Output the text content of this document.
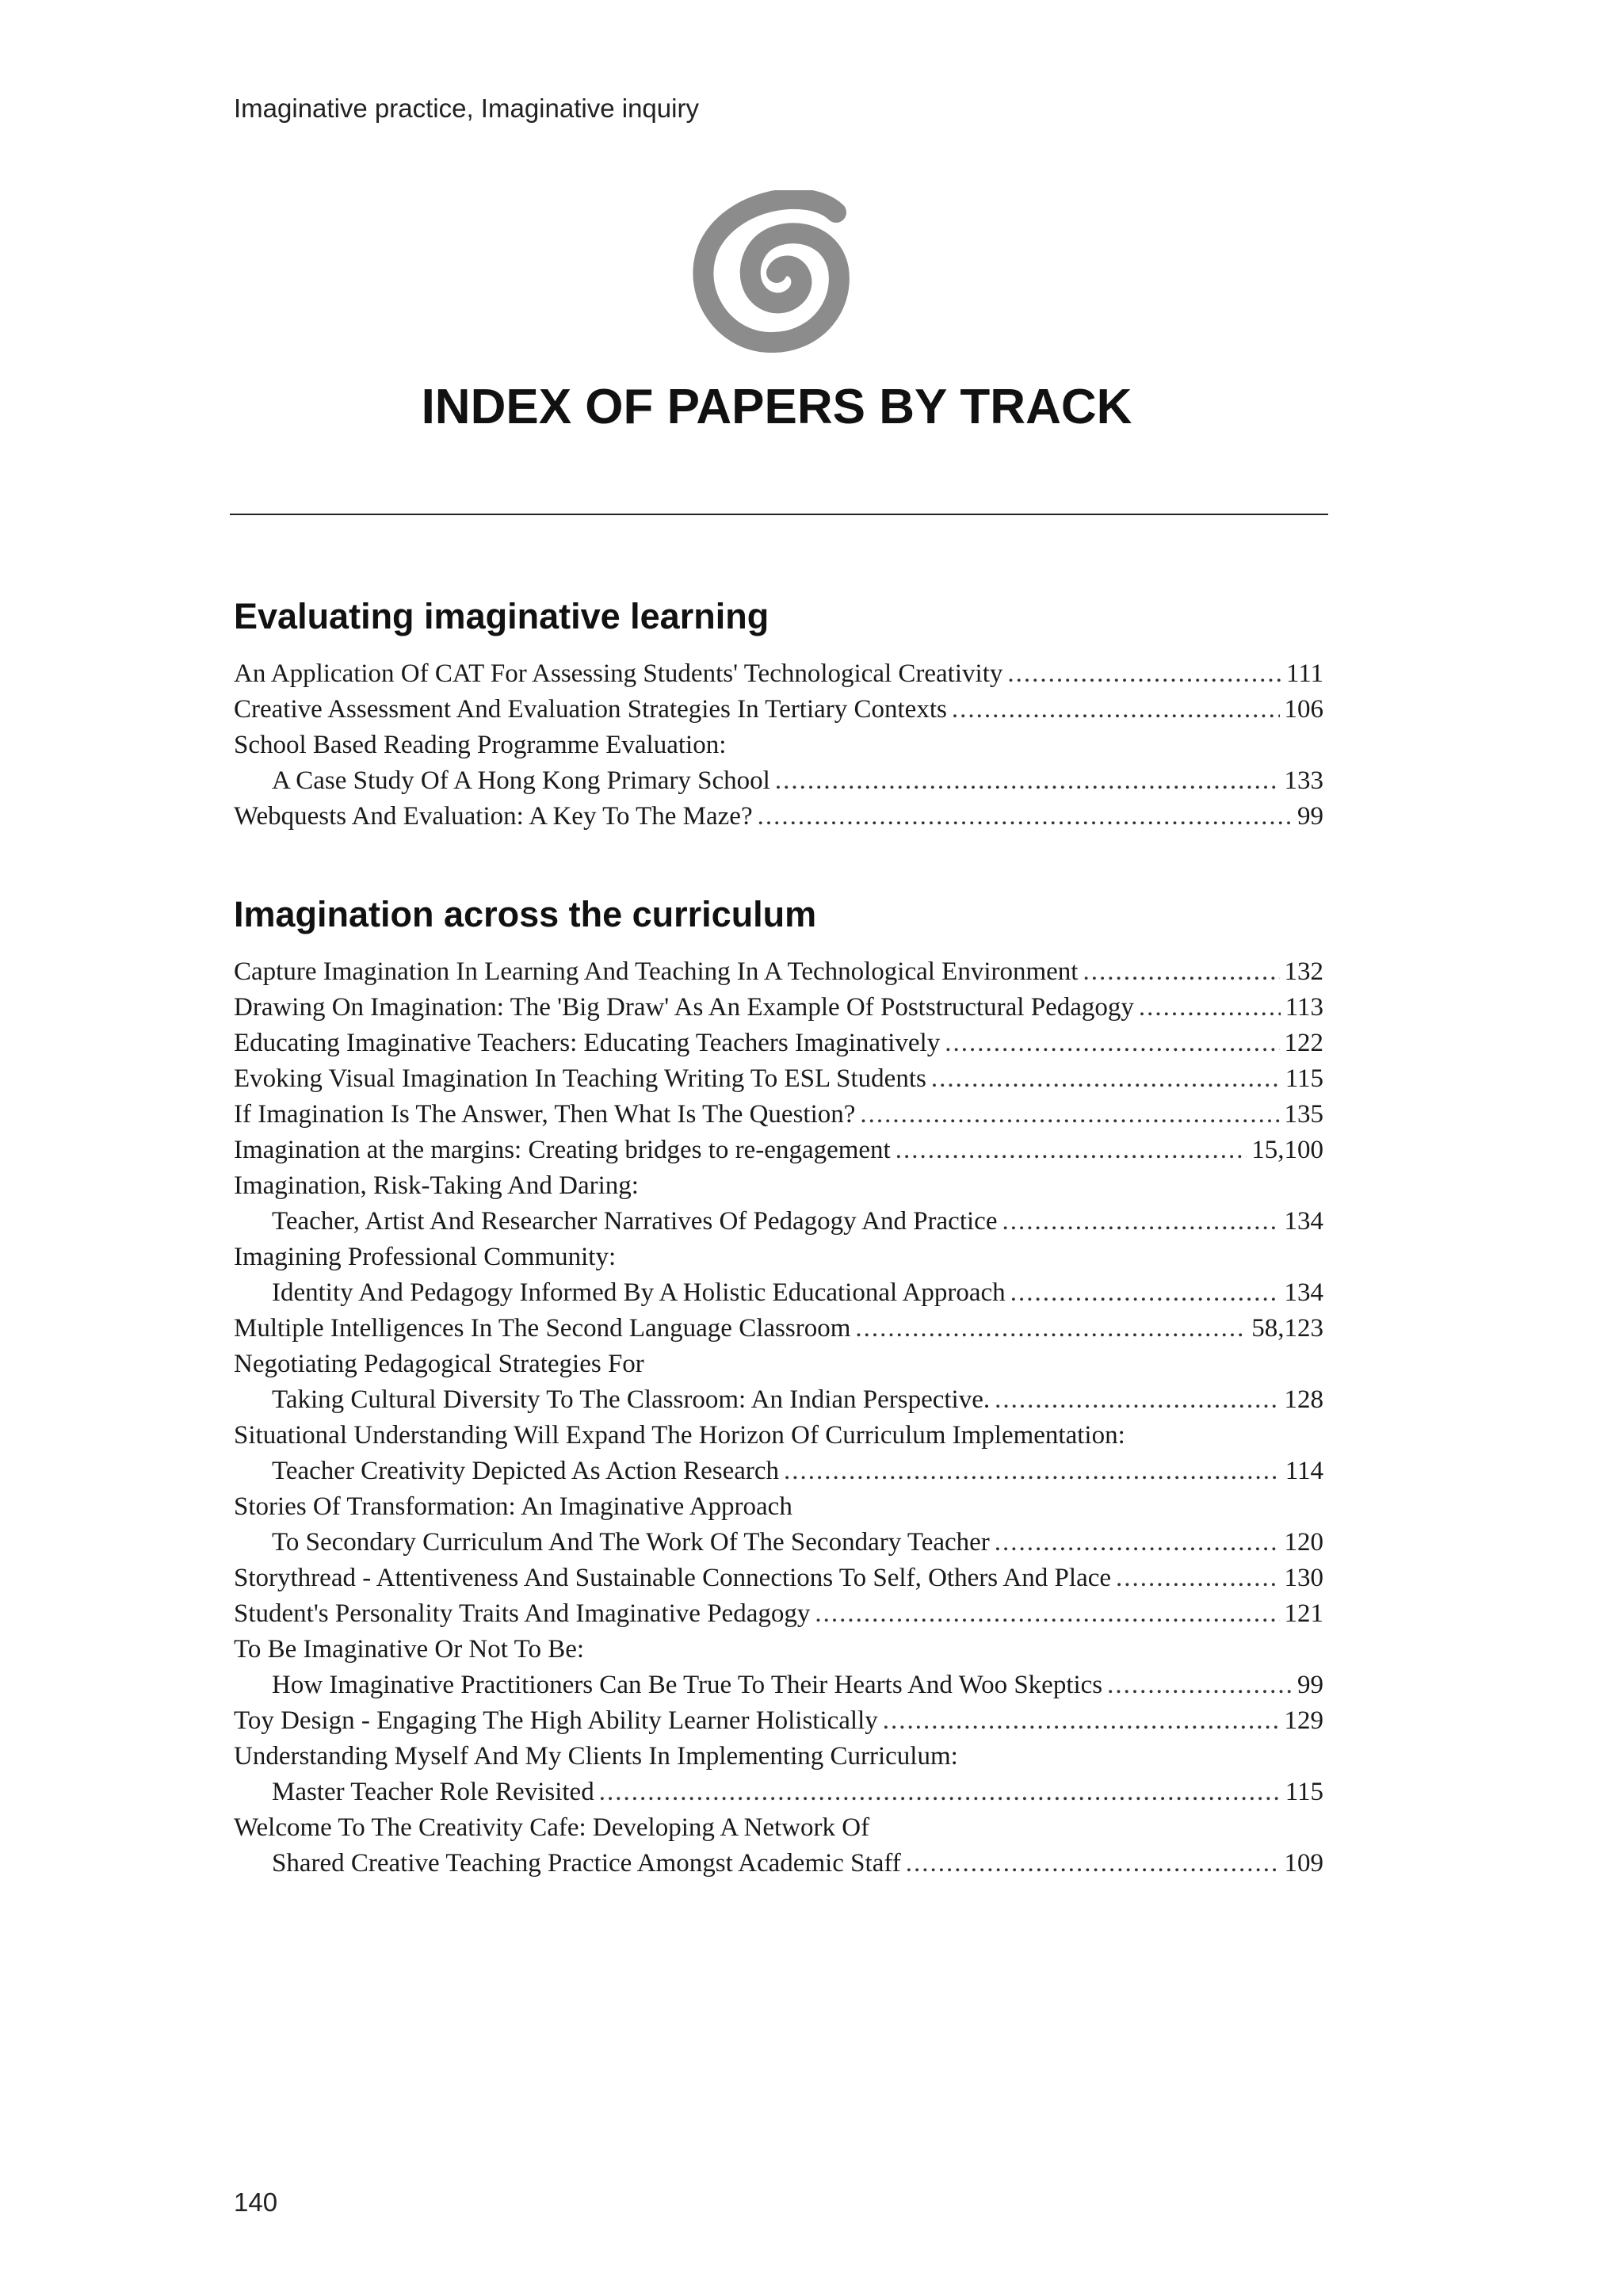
Imaginative practice, Imaginative inquiry
INDEX OF PAPERS BY TRACK
Evaluating imaginative learning
An Application Of CAT For Assessing Students' Technological Creativity .....	111
Creative Assessment And Evaluation Strategies In Tertiary Contexts .....	106
School Based Reading Programme Evaluation:
A Case Study Of A Hong Kong Primary School .....	133
Webquests And Evaluation: A Key To The Maze? .....	99
Imagination across the curriculum
Capture Imagination In Learning And Teaching In A Technological Environment .....	132
Drawing On Imagination: The 'Big Draw' As An Example Of Poststructural Pedagogy .....	113
Educating Imaginative Teachers: Educating Teachers Imaginatively .....	122
Evoking Visual Imagination In Teaching Writing To ESL Students .....	115
If Imagination Is The Answer, Then What Is The Question? .....	135
Imagination at the margins: Creating bridges to re-engagement .....	15,100
Imagination, Risk-Taking And Daring:
Teacher, Artist And Researcher Narratives Of Pedagogy And Practice .....	134
Imagining Professional Community:
Identity And Pedagogy Informed By A Holistic Educational Approach .....	134
Multiple Intelligences In The Second Language Classroom .....	58,123
Negotiating Pedagogical Strategies For
Taking Cultural Diversity To The Classroom: An Indian Perspective. .....	128
Situational Understanding Will Expand The Horizon Of Curriculum Implementation:
Teacher Creativity Depicted As Action Research .....	114
Stories Of Transformation: An Imaginative Approach
To Secondary Curriculum And The Work Of The Secondary Teacher .....	120
Storythread - Attentiveness And Sustainable Connections To Self, Others And Place .....	130
Student's Personality Traits And Imaginative Pedagogy .....	121
To Be Imaginative Or Not To Be:
How Imaginative Practitioners Can Be True To Their Hearts And Woo Skeptics .....	99
Toy Design - Engaging The High Ability Learner Holistically .....	129
Understanding Myself And My Clients In Implementing Curriculum:
Master Teacher Role Revisited .....	115
Welcome To The Creativity Cafe: Developing A Network Of
Shared Creative Teaching Practice Amongst Academic Staff .....	109
140
